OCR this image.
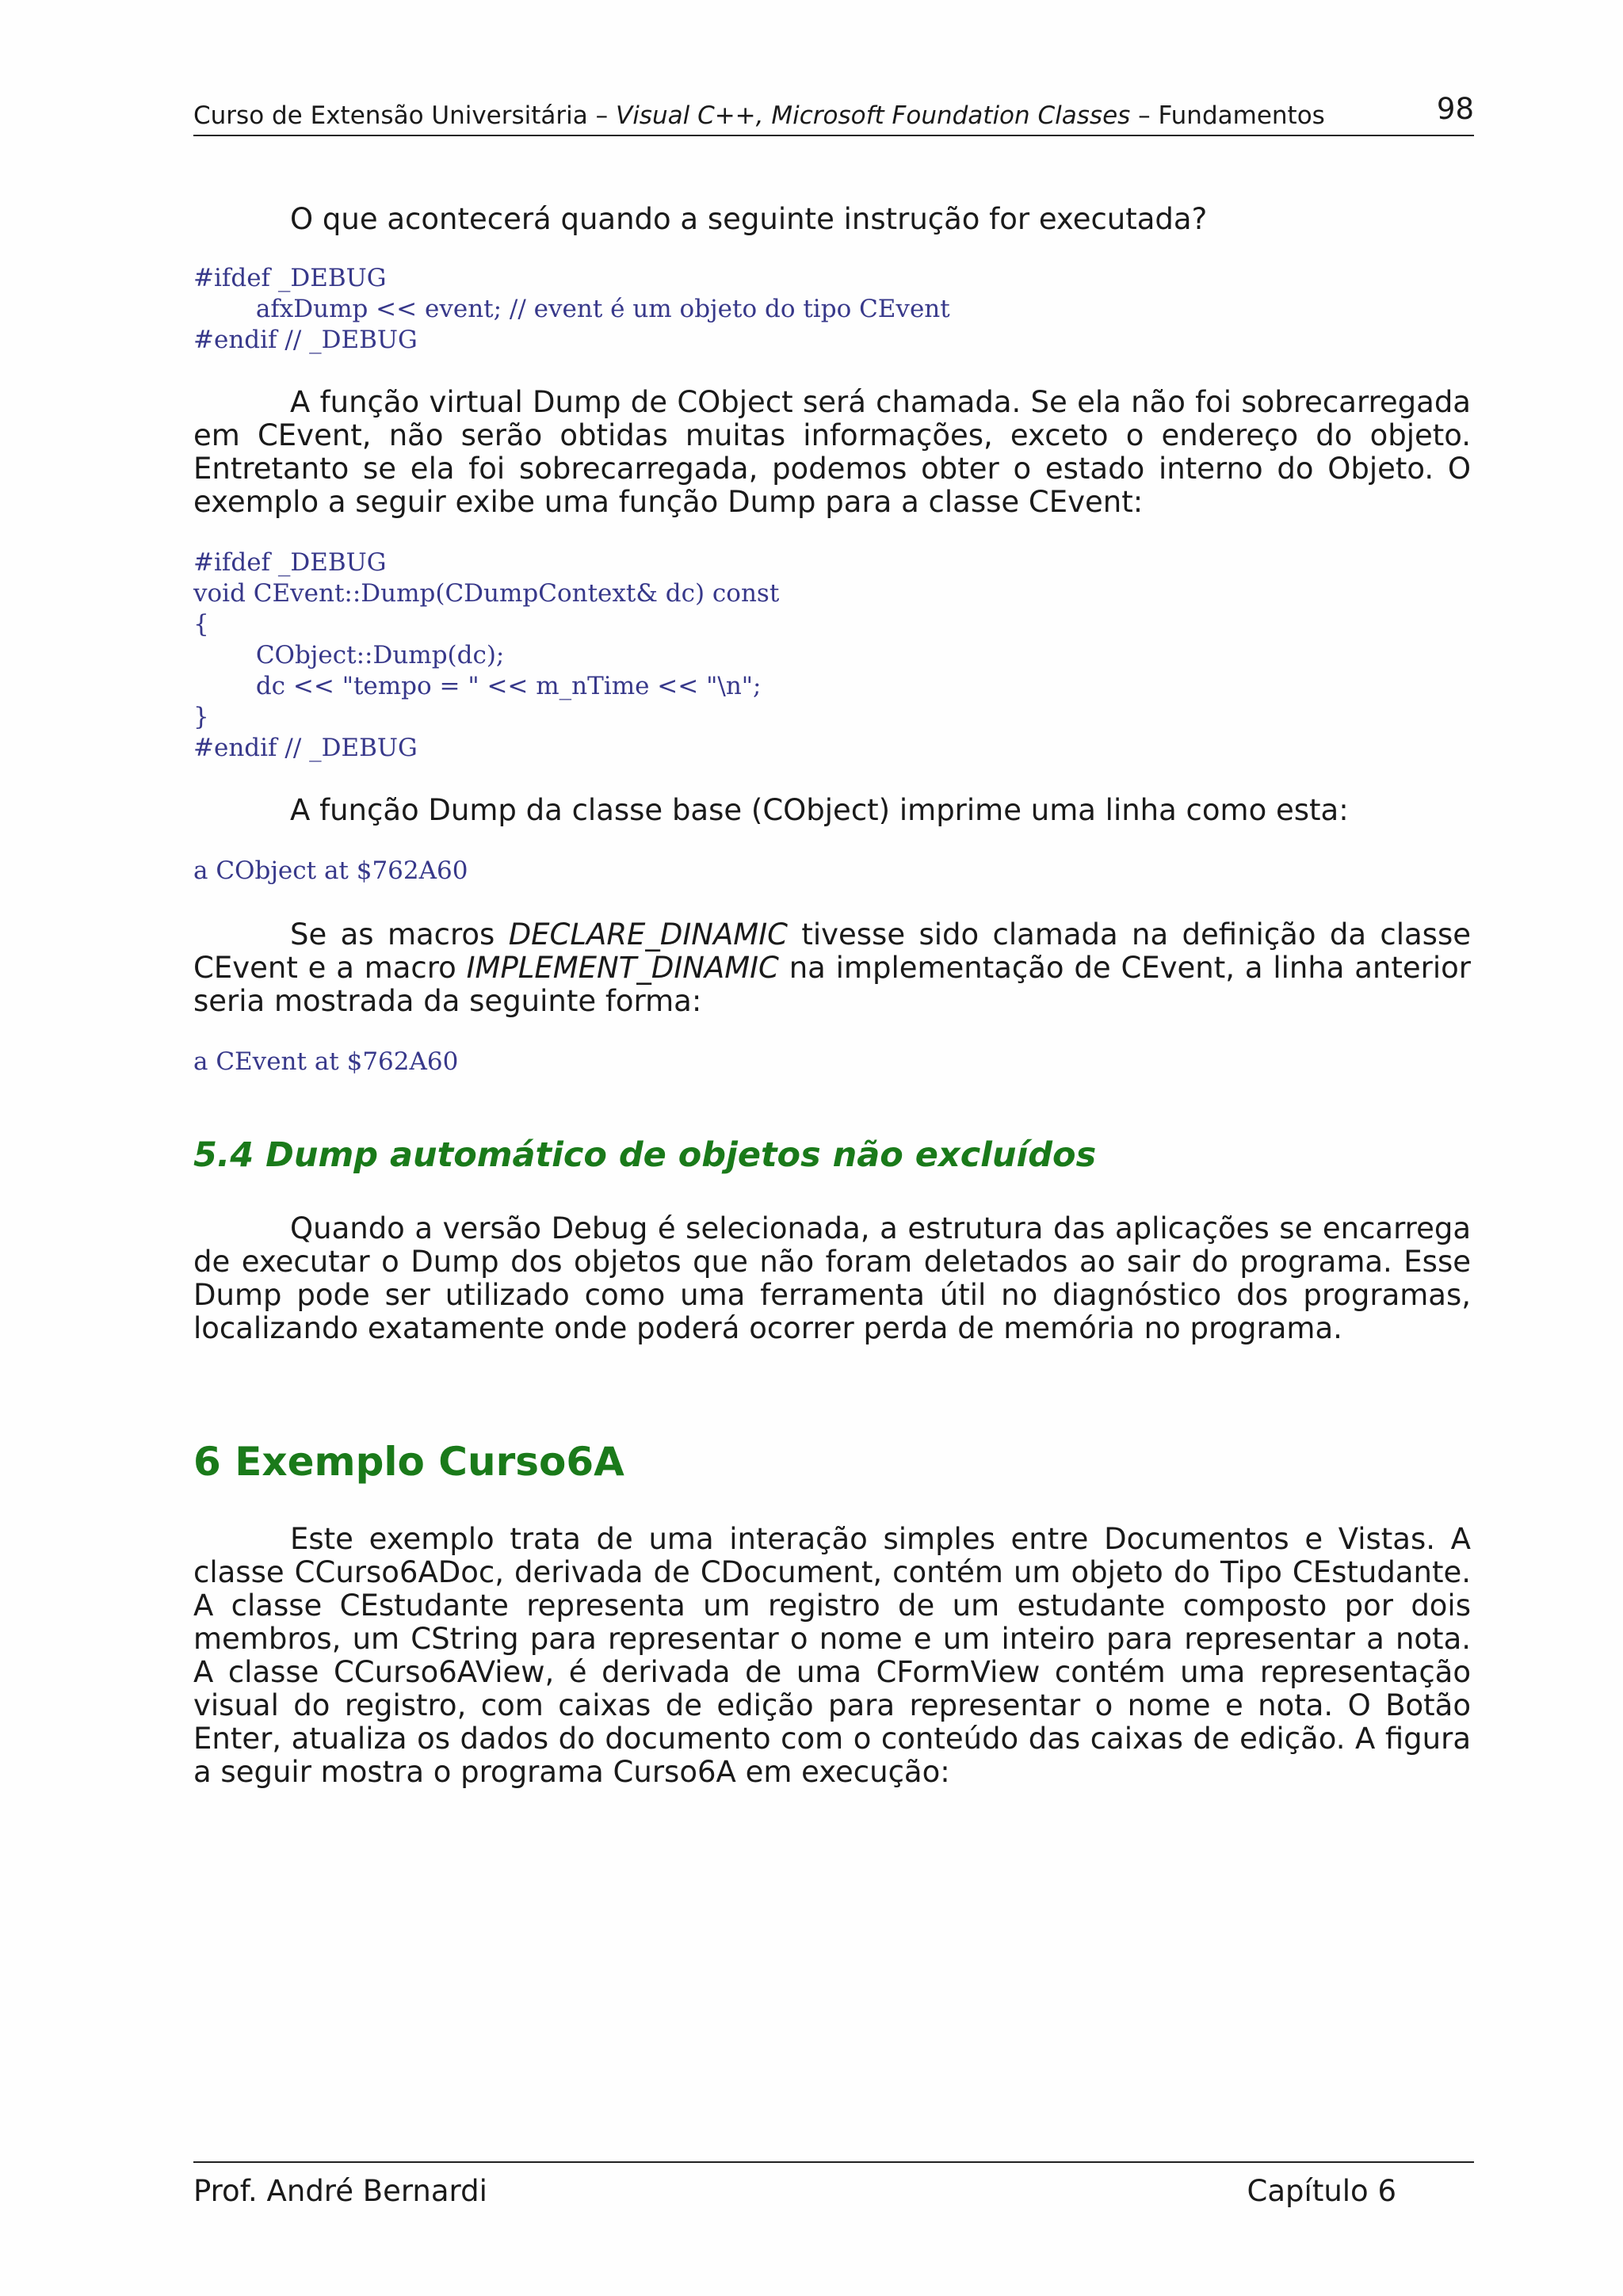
Curso de Extensão Universitária – Visual C++, Microsoft Foundation Classes – Fundamentos	98

O que acontecerá quando a seguinte instrução for executada?

#ifdef _DEBUG
afxDump << event; // event é um objeto do tipo CEvent
#endif // _DEBUG

A função virtual Dump de CObject será chamada. Se ela não foi sobrecarregada em CEvent, não serão obtidas muitas informações, exceto o endereço do objeto. Entretanto se ela foi sobrecarregada, podemos obter o estado interno do Objeto. O exemplo a seguir exibe uma função Dump para a classe CEvent:

#ifdef _DEBUG
void CEvent::Dump(CDumpContext& dc) const
{
CObject::Dump(dc);
dc << "tempo = " << m_nTime << "\n";
}
#endif // _DEBUG

A função Dump da classe base (CObject) imprime uma linha como esta:

a CObject at $762A60

Se as macros DECLARE_DINAMIC tivesse sido clamada na definição da classe CEvent e a macro IMPLEMENT_DINAMIC na implementação de CEvent, a linha anterior seria mostrada da seguinte forma:

a CEvent at $762A60
5.4 Dump automático de objetos não excluídos

Quando a versão Debug é selecionada, a estrutura das aplicações se encarrega de executar o Dump dos objetos que não foram deletados ao sair do programa. Esse Dump pode ser utilizado como uma ferramenta útil no diagnóstico dos programas, localizando exatamente onde poderá ocorrer perda de memória no programa.

6 Exemplo Curso6A

Este exemplo trata de uma interação simples entre Documentos e Vistas. A classe CCurso6ADoc, derivada de CDocument, contém um objeto do Tipo CEstudante. A classe CEstudante representa um registro de um estudante composto por dois membros, um CString para representar o nome e um inteiro para representar a nota. A classe CCurso6AView, é derivada de uma CFormView contém uma representação visual do registro, com caixas de edição para representar o nome e nota. O Botão Enter, atualiza os dados do documento com o conteúdo das caixas de edição. A figura a seguir mostra o programa Curso6A em execução:

Prof. André Bernardi	Capítulo 6
